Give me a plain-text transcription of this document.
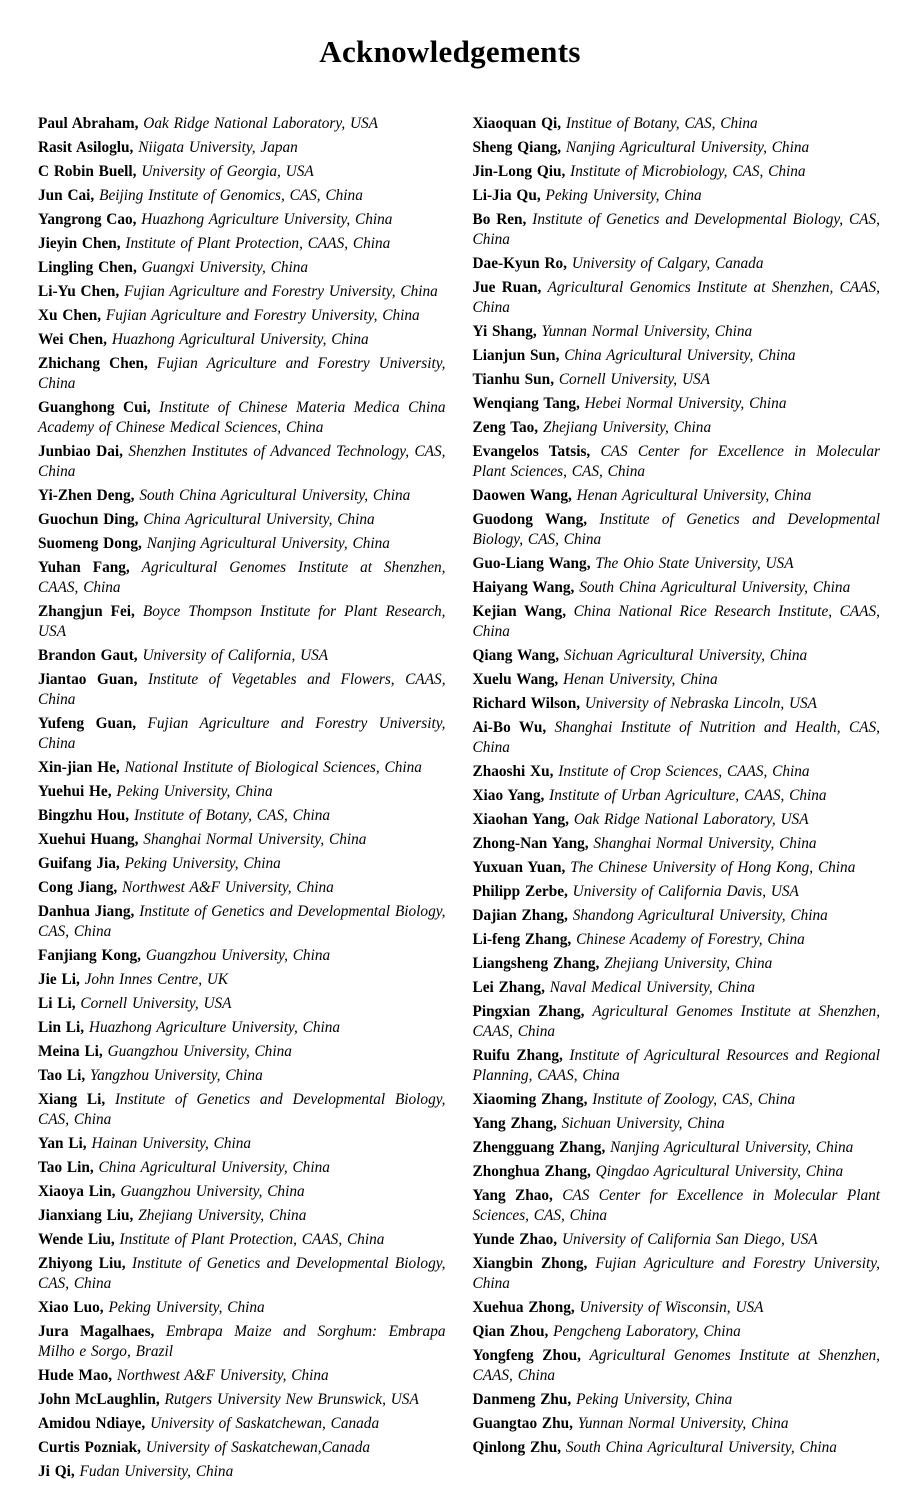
Acknowledgements

Paul Abraham, Oak Ridge National Laboratory, USA

Rasit Asiloglu, Niigata University, Japan

C Robin Buell, University of Georgia, USA

Jun Cai, Beijing Institute of Genomics, CAS, China

Yangrong Cao, Huazhong Agriculture University, China

Jieyin Chen, Institute of Plant Protection, CAAS, China

Lingling Chen, Guangxi University, China

Li-Yu Chen, Fujian Agriculture and Forestry University, China

Xu Chen, Fujian Agriculture and Forestry University, China

Wei Chen, Huazhong Agricultural University, China

Zhichang Chen, Fujian Agriculture and Forestry University, China

Guanghong Cui, Institute of Chinese Materia Medica China Academy of Chinese Medical Sciences, China

Junbiao Dai, Shenzhen Institutes of Advanced Technology, CAS, China

Yi-Zhen Deng, South China Agricultural University, China

Guochun Ding, China Agricultural University, China

Suomeng Dong, Nanjing Agricultural University, China

Yuhan Fang, Agricultural Genomes Institute at Shenzhen, CAAS, China

Zhangjun Fei, Boyce Thompson Institute for Plant Research, USA

Brandon Gaut, University of California, USA

Jiantao Guan, Institute of Vegetables and Flowers, CAAS, China

Yufeng Guan, Fujian Agriculture and Forestry University, China

Xin-jian He, National Institute of Biological Sciences, China

Yuehui He, Peking University, China

Bingzhu Hou, Institute of Botany, CAS, China

Xuehui Huang, Shanghai Normal University, China

Guifang Jia, Peking University, China

Cong Jiang, Northwest A&F University, China

Danhua Jiang, Institute of Genetics and Developmental Biology, CAS, China

Fanjiang Kong, Guangzhou University, China

Jie Li, John Innes Centre, UK

Li Li, Cornell University, USA

Lin Li, Huazhong Agriculture University, China

Meina Li, Guangzhou University, China

Tao Li, Yangzhou University, China

Xiang Li, Institute of Genetics and Developmental Biology, CAS, China

Yan Li, Hainan University, China

Tao Lin, China Agricultural University, China

Xiaoya Lin, Guangzhou University, China

Jianxiang Liu, Zhejiang University, China

Wende Liu, Institute of Plant Protection, CAAS, China

Zhiyong Liu, Institute of Genetics and Developmental Biology, CAS, China

Xiao Luo, Peking University, China

Jura Magalhaes, Embrapa Maize and Sorghum: Embrapa Milho e Sorgo, Brazil

Hude Mao, Northwest A&F University, China

John McLaughlin, Rutgers University New Brunswick, USA

Amidou Ndiaye, University of Saskatchewan, Canada

Curtis Pozniak, University of Saskatchewan,Canada

Ji Qi, Fudan University, China

Xiaoquan Qi, Institue of Botany, CAS, China

Sheng Qiang, Nanjing Agricultural University, China

Jin-Long Qiu, Institute of Microbiology, CAS, China

Li-Jia Qu, Peking University, China

Bo Ren, Institute of Genetics and Developmental Biology, CAS, China

Dae-Kyun Ro, University of Calgary, Canada

Jue Ruan, Agricultural Genomics Institute at Shenzhen, CAAS, China

Yi Shang, Yunnan Normal University, China

Lianjun Sun, China Agricultural University, China

Tianhu Sun, Cornell University, USA

Wenqiang Tang, Hebei Normal University, China

Zeng Tao, Zhejiang University, China

Evangelos Tatsis, CAS Center for Excellence in Molecular Plant Sciences, CAS, China

Daowen Wang, Henan Agricultural University, China

Guodong Wang, Institute of Genetics and Developmental Biology, CAS, China

Guo-Liang Wang, The Ohio State University, USA

Haiyang Wang, South China Agricultural University, China

Kejian Wang, China National Rice Research Institute, CAAS, China

Qiang Wang, Sichuan Agricultural University, China

Xuelu Wang, Henan University, China

Richard Wilson, University of Nebraska Lincoln, USA

Ai-Bo Wu, Shanghai Institute of Nutrition and Health, CAS, China

Zhaoshi Xu, Institute of Crop Sciences, CAAS, China

Xiao Yang, Institute of Urban Agriculture, CAAS, China

Xiaohan Yang, Oak Ridge National Laboratory, USA

Zhong-Nan Yang, Shanghai Normal University, China

Yuxuan Yuan, The Chinese University of Hong Kong, China

Philipp Zerbe, University of California Davis, USA

Dajian Zhang, Shandong Agricultural University, China

Li-feng Zhang, Chinese Academy of Forestry, China

Liangsheng Zhang, Zhejiang University, China

Lei Zhang, Naval Medical University, China

Pingxian Zhang, Agricultural Genomes Institute at Shenzhen, CAAS, China

Ruifu Zhang, Institute of Agricultural Resources and Regional Planning, CAAS, China

Xiaoming Zhang, Institute of Zoology, CAS, China

Yang Zhang, Sichuan University, China

Zhengguang Zhang, Nanjing Agricultural University, China

Zhonghua Zhang, Qingdao Agricultural University, China

Yang Zhao, CAS Center for Excellence in Molecular Plant Sciences, CAS, China

Yunde Zhao, University of California San Diego, USA

Xiangbin Zhong, Fujian Agriculture and Forestry University, China

Xuehua Zhong, University of Wisconsin, USA

Qian Zhou, Pengcheng Laboratory, China

Yongfeng Zhou, Agricultural Genomes Institute at Shenzhen, CAAS, China

Danmeng Zhu, Peking University, China

Guangtao Zhu, Yunnan Normal University, China

Qinlong Zhu, South China Agricultural University, China
